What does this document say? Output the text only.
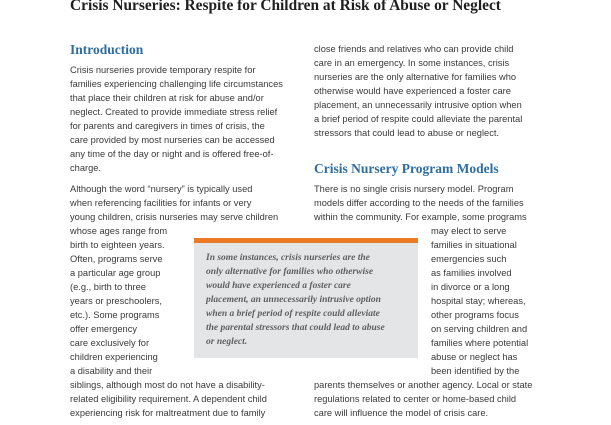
Crisis Nurseries: Respite for Children at Risk of Abuse or Neglect
Introduction

Crisis nurseries provide temporary respite for

families experiencing challenging life circumstances

that place their children at risk for abuse and/or

neglect. Created to provide immediate stress relief

for parents and caregivers in times of crisis, the

care provided by most nurseries can be accessed

any time of the day or night and is offered free-of-

charge.

Although the word “nursery” is typically used

when referencing facilities for infants or very

young children, crisis nurseries may serve children

whose ages range from

birth to eighteen years.

Often, programs serve

a particular age group

(e.g., birth to three

years or preschoolers,

etc.). Some programs

offer emergency

care exclusively for

children experiencing

a disability and their

siblings, although most do not have a disability-

related eligibility requirement. A dependent child

experiencing risk for maltreatment due to family

close friends and relatives who can provide child

care in an emergency. In some instances, crisis

nurseries are the only alternative for families who

otherwise would have experienced a foster care

placement, an unnecessarily intrusive option when

a brief period of respite could alleviate the parental

stressors that could lead to abuse or neglect.

Crisis Nursery Program Models

There is no single crisis nursery model. Program

models differ according to the needs of the families

within the community. For example, some programs

may elect to serve

families in situational

emergencies such

as families involved

in divorce or a long

hospital stay; whereas,

other programs focus

on serving children and

families where potential

abuse or neglect has

been identified by the

parents themselves or another agency. Local or state

regulations related to center or home-based child

care will influence the model of crisis care.

In some instances, crisis nurseries are the

only alternative for families who otherwise

would have experienced a foster care

placement, an unnecessarily intrusive option

when a brief period of respite could alleviate

the parental stressors that could lead to abuse

or neglect.
